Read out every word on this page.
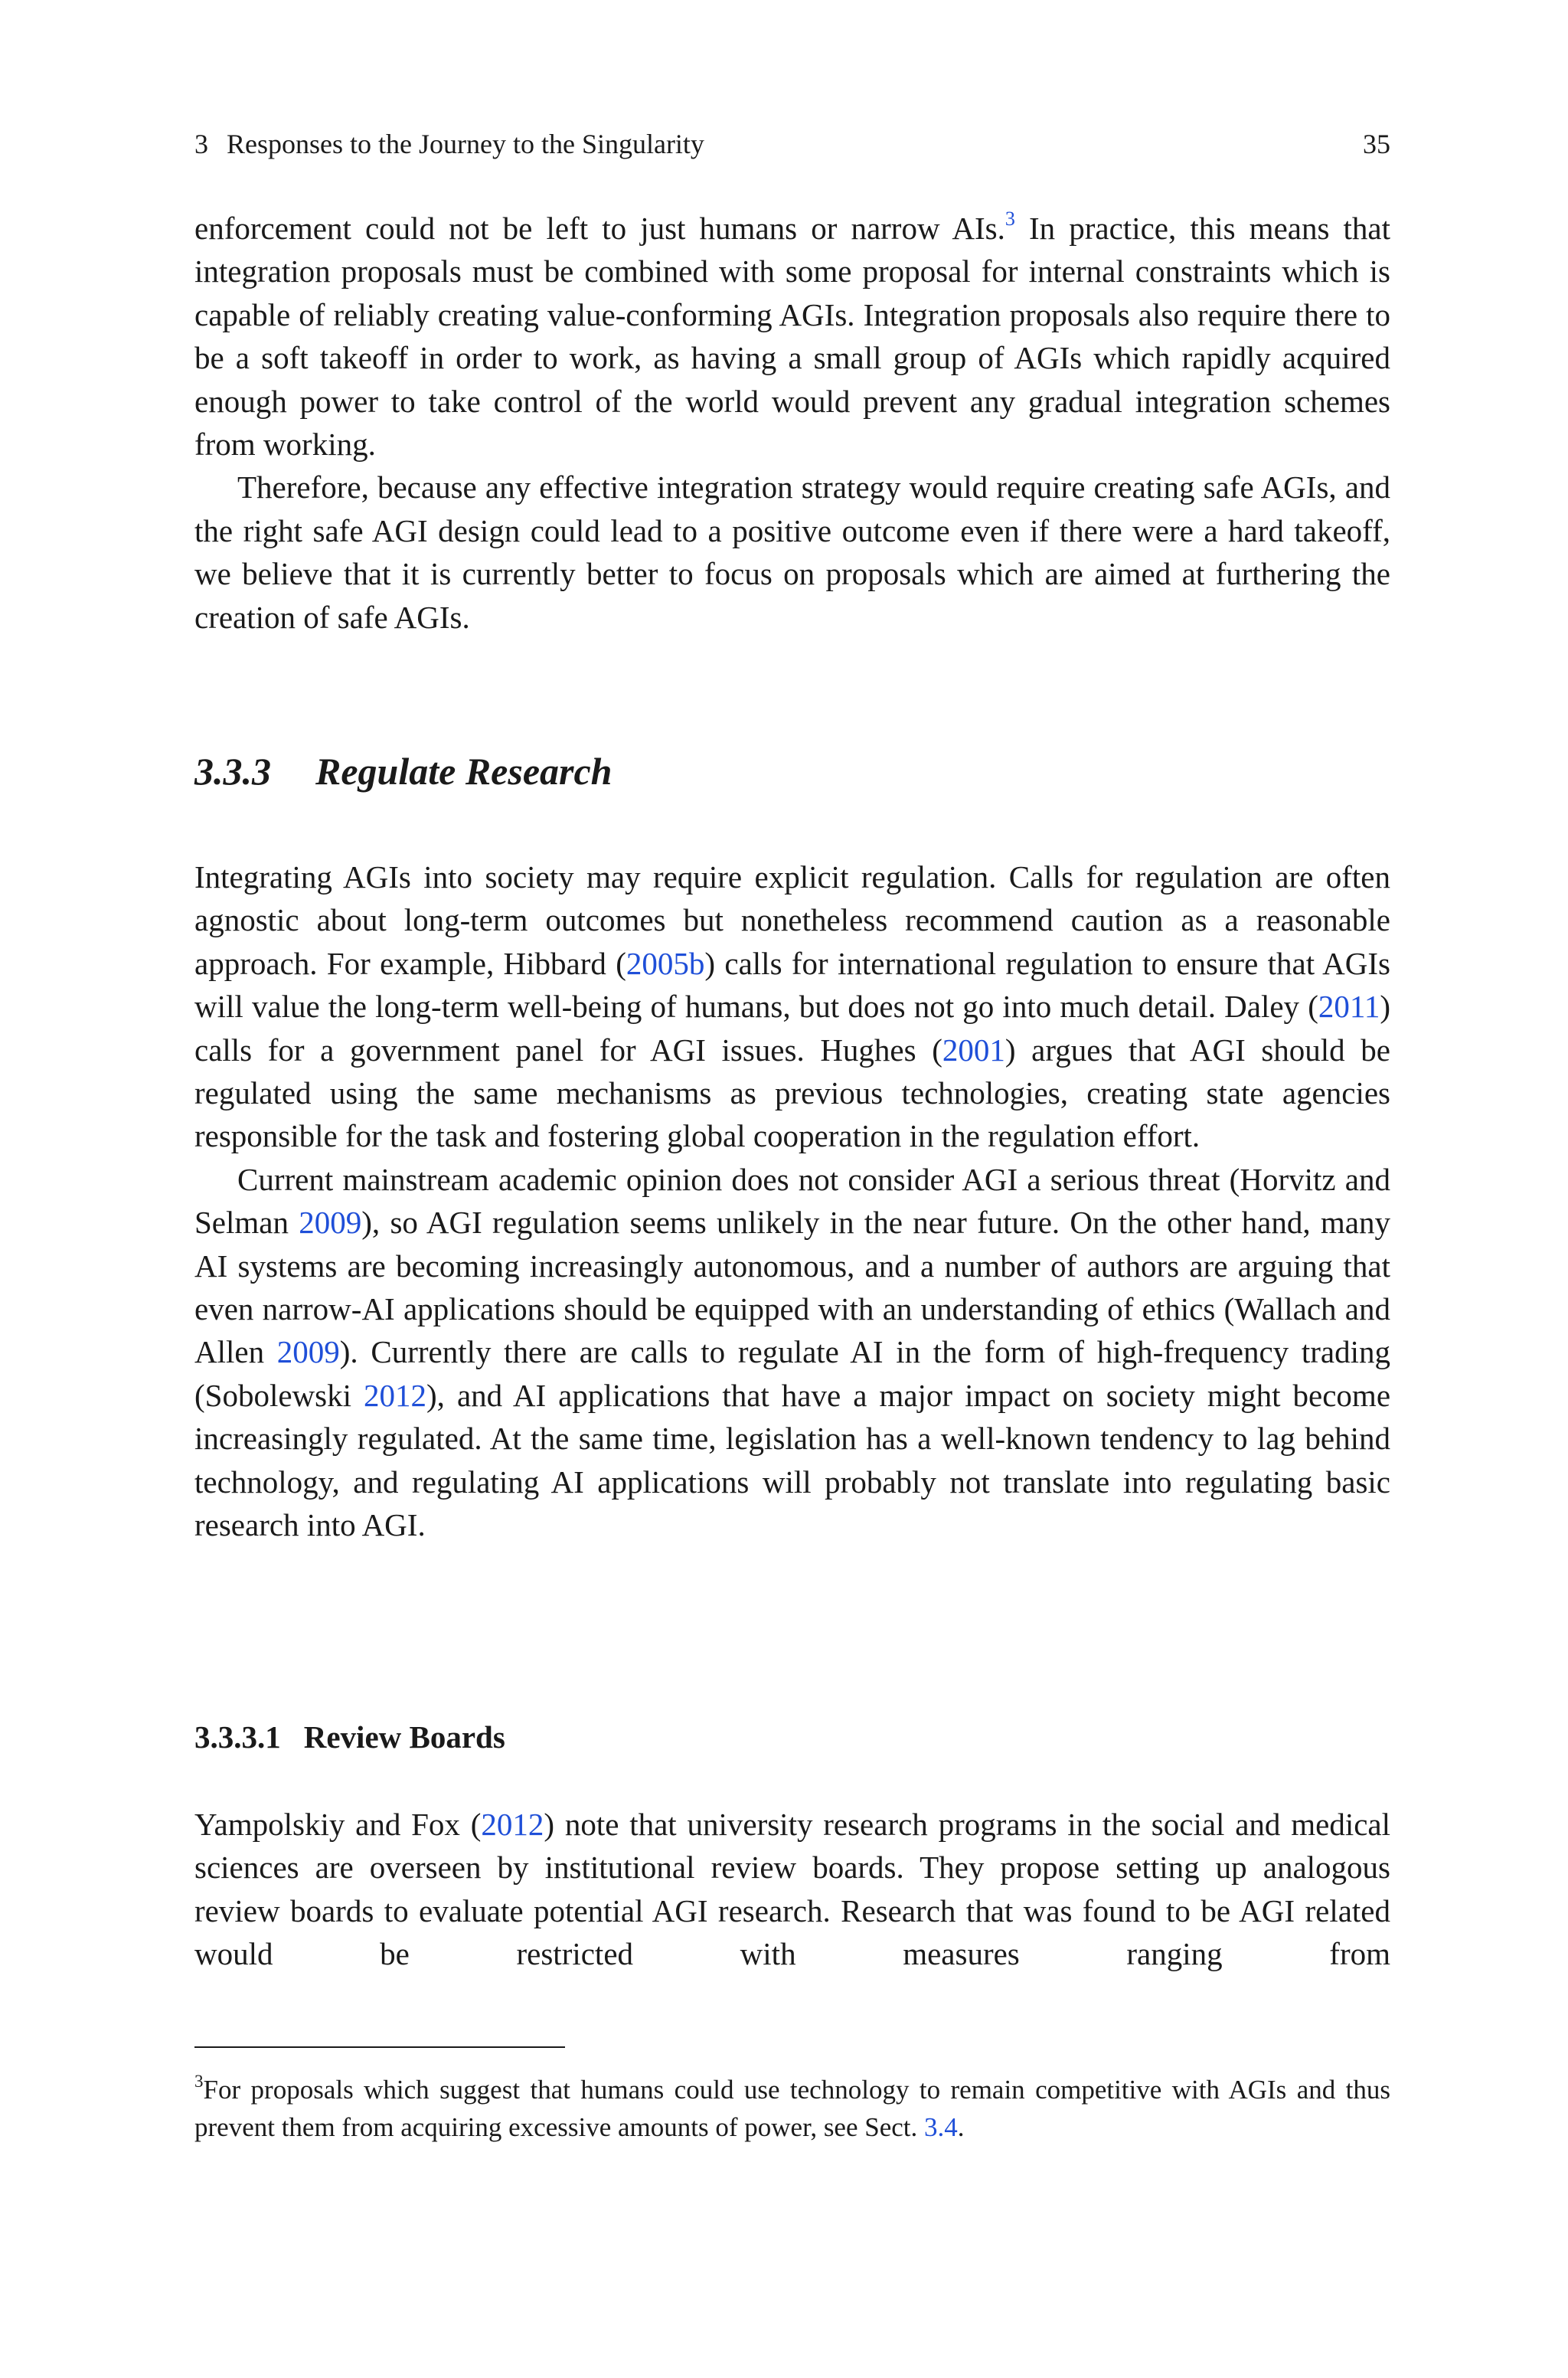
3 Responses to the Journey to the Singularity	35

enforcement could not be left to just humans or narrow AIs.$^3$ In practice, this means that integration proposals must be combined with some proposal for internal constraints which is capable of reliably creating value-conforming AGIs. Integration proposals also require there to be a soft takeoff in order to work, as having a small group of AGIs which rapidly acquired enough power to take control of the world would prevent any gradual integration schemes from working.

Therefore, because any effective integration strategy would require creating safe AGIs, and the right safe AGI design could lead to a positive outcome even if there were a hard takeoff, we believe that it is currently better to focus on proposals which are aimed at furthering the creation of safe AGIs.

3.3.3 Regulate Research

Integrating AGIs into society may require explicit regulation. Calls for regulation are often agnostic about long-term outcomes but nonetheless recommend caution as a reasonable approach. For example, Hibbard (2005b) calls for international regulation to ensure that AGIs will value the long-term well-being of humans, but does not go into much detail. Daley (2011) calls for a government panel for AGI issues. Hughes (2001) argues that AGI should be regulated using the same mechanisms as previous technologies, creating state agencies responsible for the task and fostering global cooperation in the regulation effort.

Current mainstream academic opinion does not consider AGI a serious threat (Horvitz and Selman 2009), so AGI regulation seems unlikely in the near future. On the other hand, many AI systems are becoming increasingly autonomous, and a number of authors are arguing that even narrow-AI applications should be equipped with an understanding of ethics (Wallach and Allen 2009). Currently there are calls to regulate AI in the form of high-frequency trading (Sobolewski 2012), and AI applications that have a major impact on society might become increasingly regulated. At the same time, legislation has a well-known tendency to lag behind technology, and regulating AI applications will probably not translate into regulating basic research into AGI.

3.3.3.1 Review Boards

Yampolskiy and Fox (2012) note that university research programs in the social and medical sciences are overseen by institutional review boards. They propose setting up analogous review boards to evaluate potential AGI research. Research that was found to be AGI related would be restricted with measures ranging from

$^3$For proposals which suggest that humans could use technology to remain competitive with AGIs and thus prevent them from acquiring excessive amounts of power, see Sect. 3.4.
